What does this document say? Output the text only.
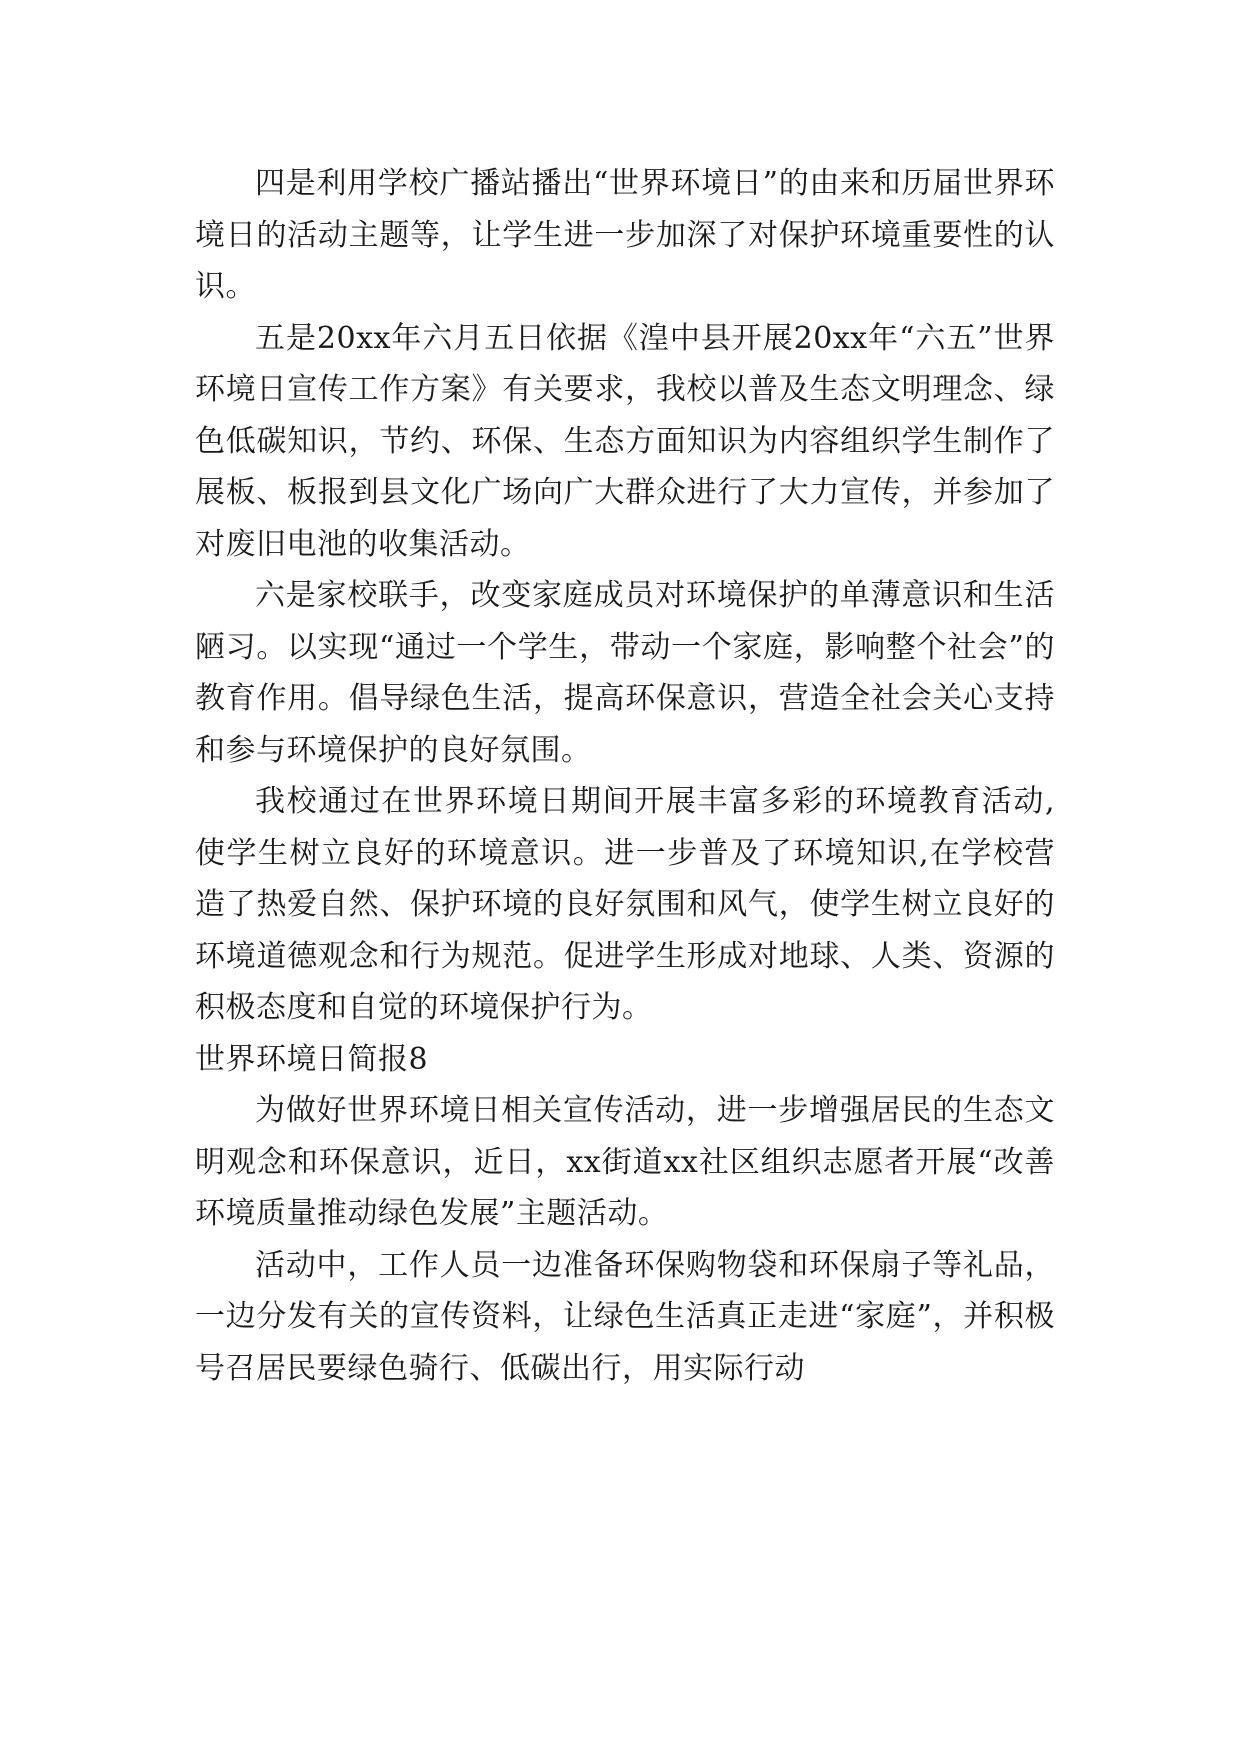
四是利用学校广播站播出“世界环境日”的由来和历届世界环境日的活动主题等，让学生进一步加深了对保护环境重要性的认识。

五是20xx年六月五日依据《湟中县开展20xx年“六五”世界环境日宣传工作方案》有关要求，我校以普及生态文明理念、绿色低碳知识，节约、环保、生态方面知识为内容组织学生制作了展板、板报到县文化广场向广大群众进行了大力宣传，并参加了对废旧电池的收集活动。

六是家校联手，改变家庭成员对环境保护的单薄意识和生活陋习。以实现“通过一个学生，带动一个家庭，影响整个社会”的教育作用。倡导绿色生活，提高环保意识，营造全社会关心支持和参与环境保护的良好氛围。

我校通过在世界环境日期间开展丰富多彩的环境教育活动,使学生树立良好的环境意识。进一步普及了环境知识,在学校营造了热爱自然、保护环境的良好氛围和风气，使学生树立良好的环境道德观念和行为规范。促进学生形成对地球、人类、资源的积极态度和自觉的环境保护行为。

世界环境日简报8

为做好世界环境日相关宣传活动，进一步增强居民的生态文明观念和环保意识，近日，xx街道xx社区组织志愿者开展“改善环境质量推动绿色发展”主题活动。

活动中，工作人员一边准备环保购物袋和环保扇子等礼品，一边分发有关的宣传资料，让绿色生活真正走进“家庭”，并积极号召居民要绿色骑行、低碳出行，用实际行动
